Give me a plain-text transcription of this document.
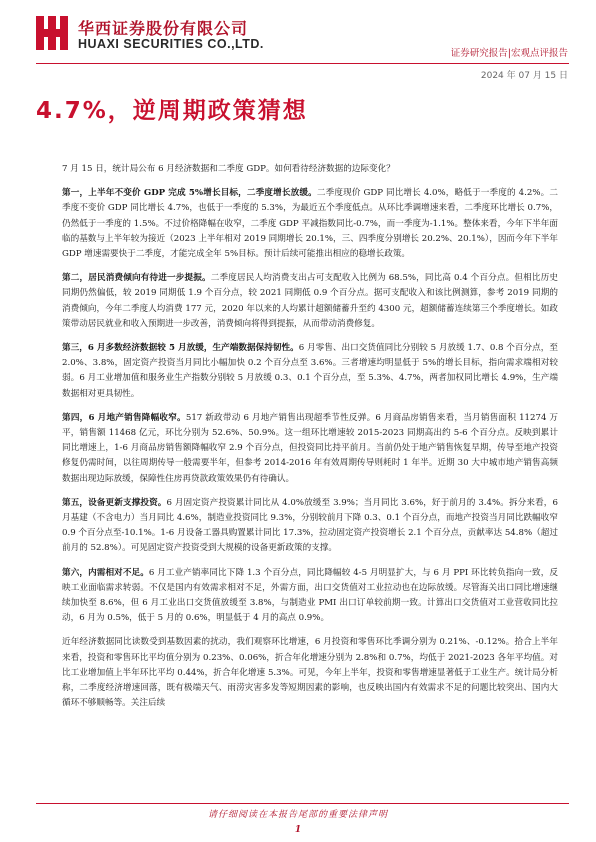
华西证券股份有限公司
HUAXI SECURITIES CO.,LTD.
证券研究报告|宏观点评报告
2024 年 07 月 15 日
4.7%，逆周期政策猜想

7 月 15 日，统计局公布 6 月经济数据和二季度 GDP。如何看待经济数据的边际变化？

第一，上半年不变价 GDP 完成 5%增长目标，二季度增长放缓。二季度现价 GDP 同比增长 4.0%，略低于一季度的 4.2%。二季度不变价 GDP 同比增长 4.7%，也低于一季度的 5.3%，为最近五个季度低点。从环比季调增速来看，二季度环比增长 0.7%，仍然低于一季度的 1.5%。不过价格降幅在收窄，二季度 GDP 平减指数同比-0.7%，而一季度为-1.1%。整体来看，今年下半年面临的基数与上半年较为接近（2023 上半年相对 2019 同期增长 20.1%，三、四季度分别增长 20.2%、20.1%），因而今年下半年 GDP 增速需要快于二季度，才能完成全年 5%目标。预计后续可能推出相应的稳增长政策。

第二，居民消费倾向有待进一步提振。二季度居民人均消费支出占可支配收入比例为 68.5%，同比高 0.4 个百分点。但相比历史同期仍然偏低，较 2019 同期低 1.9 个百分点，较 2021 同期低 0.9 个百分点。据可支配收入和该比例测算，参考 2019 同期的消费倾向，今年二季度人均消费 177 元，2020 年以来的人均累计超额储蓄升至约 4300 元，超额储蓄连续第三个季度增长。如政策带动居民就业和收入预期进一步改善，消费倾向将得到提振，从而带动消费修复。

第三，6 月多数经济数据较 5 月放缓，生产端数据保持韧性。6 月零售、出口交货值同比分别较 5 月放缓 1.7、0.8 个百分点，至 2.0%、3.8%，固定资产投资当月同比小幅加快 0.2 个百分点至 3.6%。三者增速均明显低于 5%的增长目标，指向需求端相对较弱。6 月工业增加值和服务业生产指数分别较 5 月放缓 0.3、0.1 个百分点，至 5.3%、4.7%，两者加权同比增长 4.9%，生产端数据相对更具韧性。

第四，6 月地产销售降幅收窄。517 新政带动 6 月地产销售出现超季节性反弹。6 月商品房销售来看，当月销售面积 11274 万平，销售额 11468 亿元，环比分别为 52.6%、50.9%。这一组环比增速较 2015-2023 同期高出约 5-6 个百分点。反映到累计同比增速上，1-6 月商品房销售额降幅收窄 2.9 个百分点，但投资同比持平前月。当前仍处于地产销售恢复早期，传导至地产投资修复仍需时间，以往周期传导一般需要半年，但参考 2014-2016 年有效周期传导则耗时 1 年半。近期 30 大中城市地产销售高频数据出现边际放缓，保障性住房再贷款政策效果仍有待确认。

第五，设备更新支撑投资。6 月固定资产投资累计同比从 4.0%放缓至 3.9%；当月同比 3.6%，好于前月的 3.4%。拆分来看，6 月基建（不含电力）当月同比 4.6%，制造业投资同比 9.3%，分别较前月下降 0.3、0.1 个百分点，而地产投资当月同比跌幅收窄 0.9 个百分点至-10.1%。1-6 月设备工器具购置累计同比 17.3%，拉动固定资产投资增长 2.1 个百分点，贡献率达 54.8%（超过前月的 52.8%）。可见固定资产投资受到大规模的设备更新政策的支撑。

第六，内需相对不足。6 月工业产销率同比下降 1.3 个百分点，同比降幅较 4-5 月明显扩大，与 6 月 PPI 环比转负指向一致，反映工业面临需求转弱。不仅是国内有效需求相对不足，外需方面，出口交货值对工业拉动也在边际放缓。尽管海关出口同比增速继续加快至 8.6%，但 6 月工业出口交货值放缓至 3.8%，与制造业 PMI 出口订单较前期一致。计算出口交货值对工业营收同比拉动，6 月为 0.5%，低于 5 月的 0.6%，明显低于 4 月的高点 0.9%。

近年经济数据同比读数受到基数因素的扰动，我们观察环比增速，6 月投资和零售环比季调分别为 0.21%、-0.12%。拾合上半年来看，投资和零售环比平均值分别为 0.23%、0.06%，折合年化增速分别为 2.8%和 0.7%，均低于 2021-2023 各年平均值。对比工业增加值上半年环比平均 0.44%，折合年化增速 5.3%。可见，今年上半年，投资和零售增速显著低于工业生产。统计局分析称，二季度经济增速回落，既有极端天气、雨涝灾害多发等短期因素的影响，也反映出国内有效需求不足的问题比较突出、国内大循环不够顺畅等。关注后续

请仔细阅读在本报告尾部的重要法律声明
1
